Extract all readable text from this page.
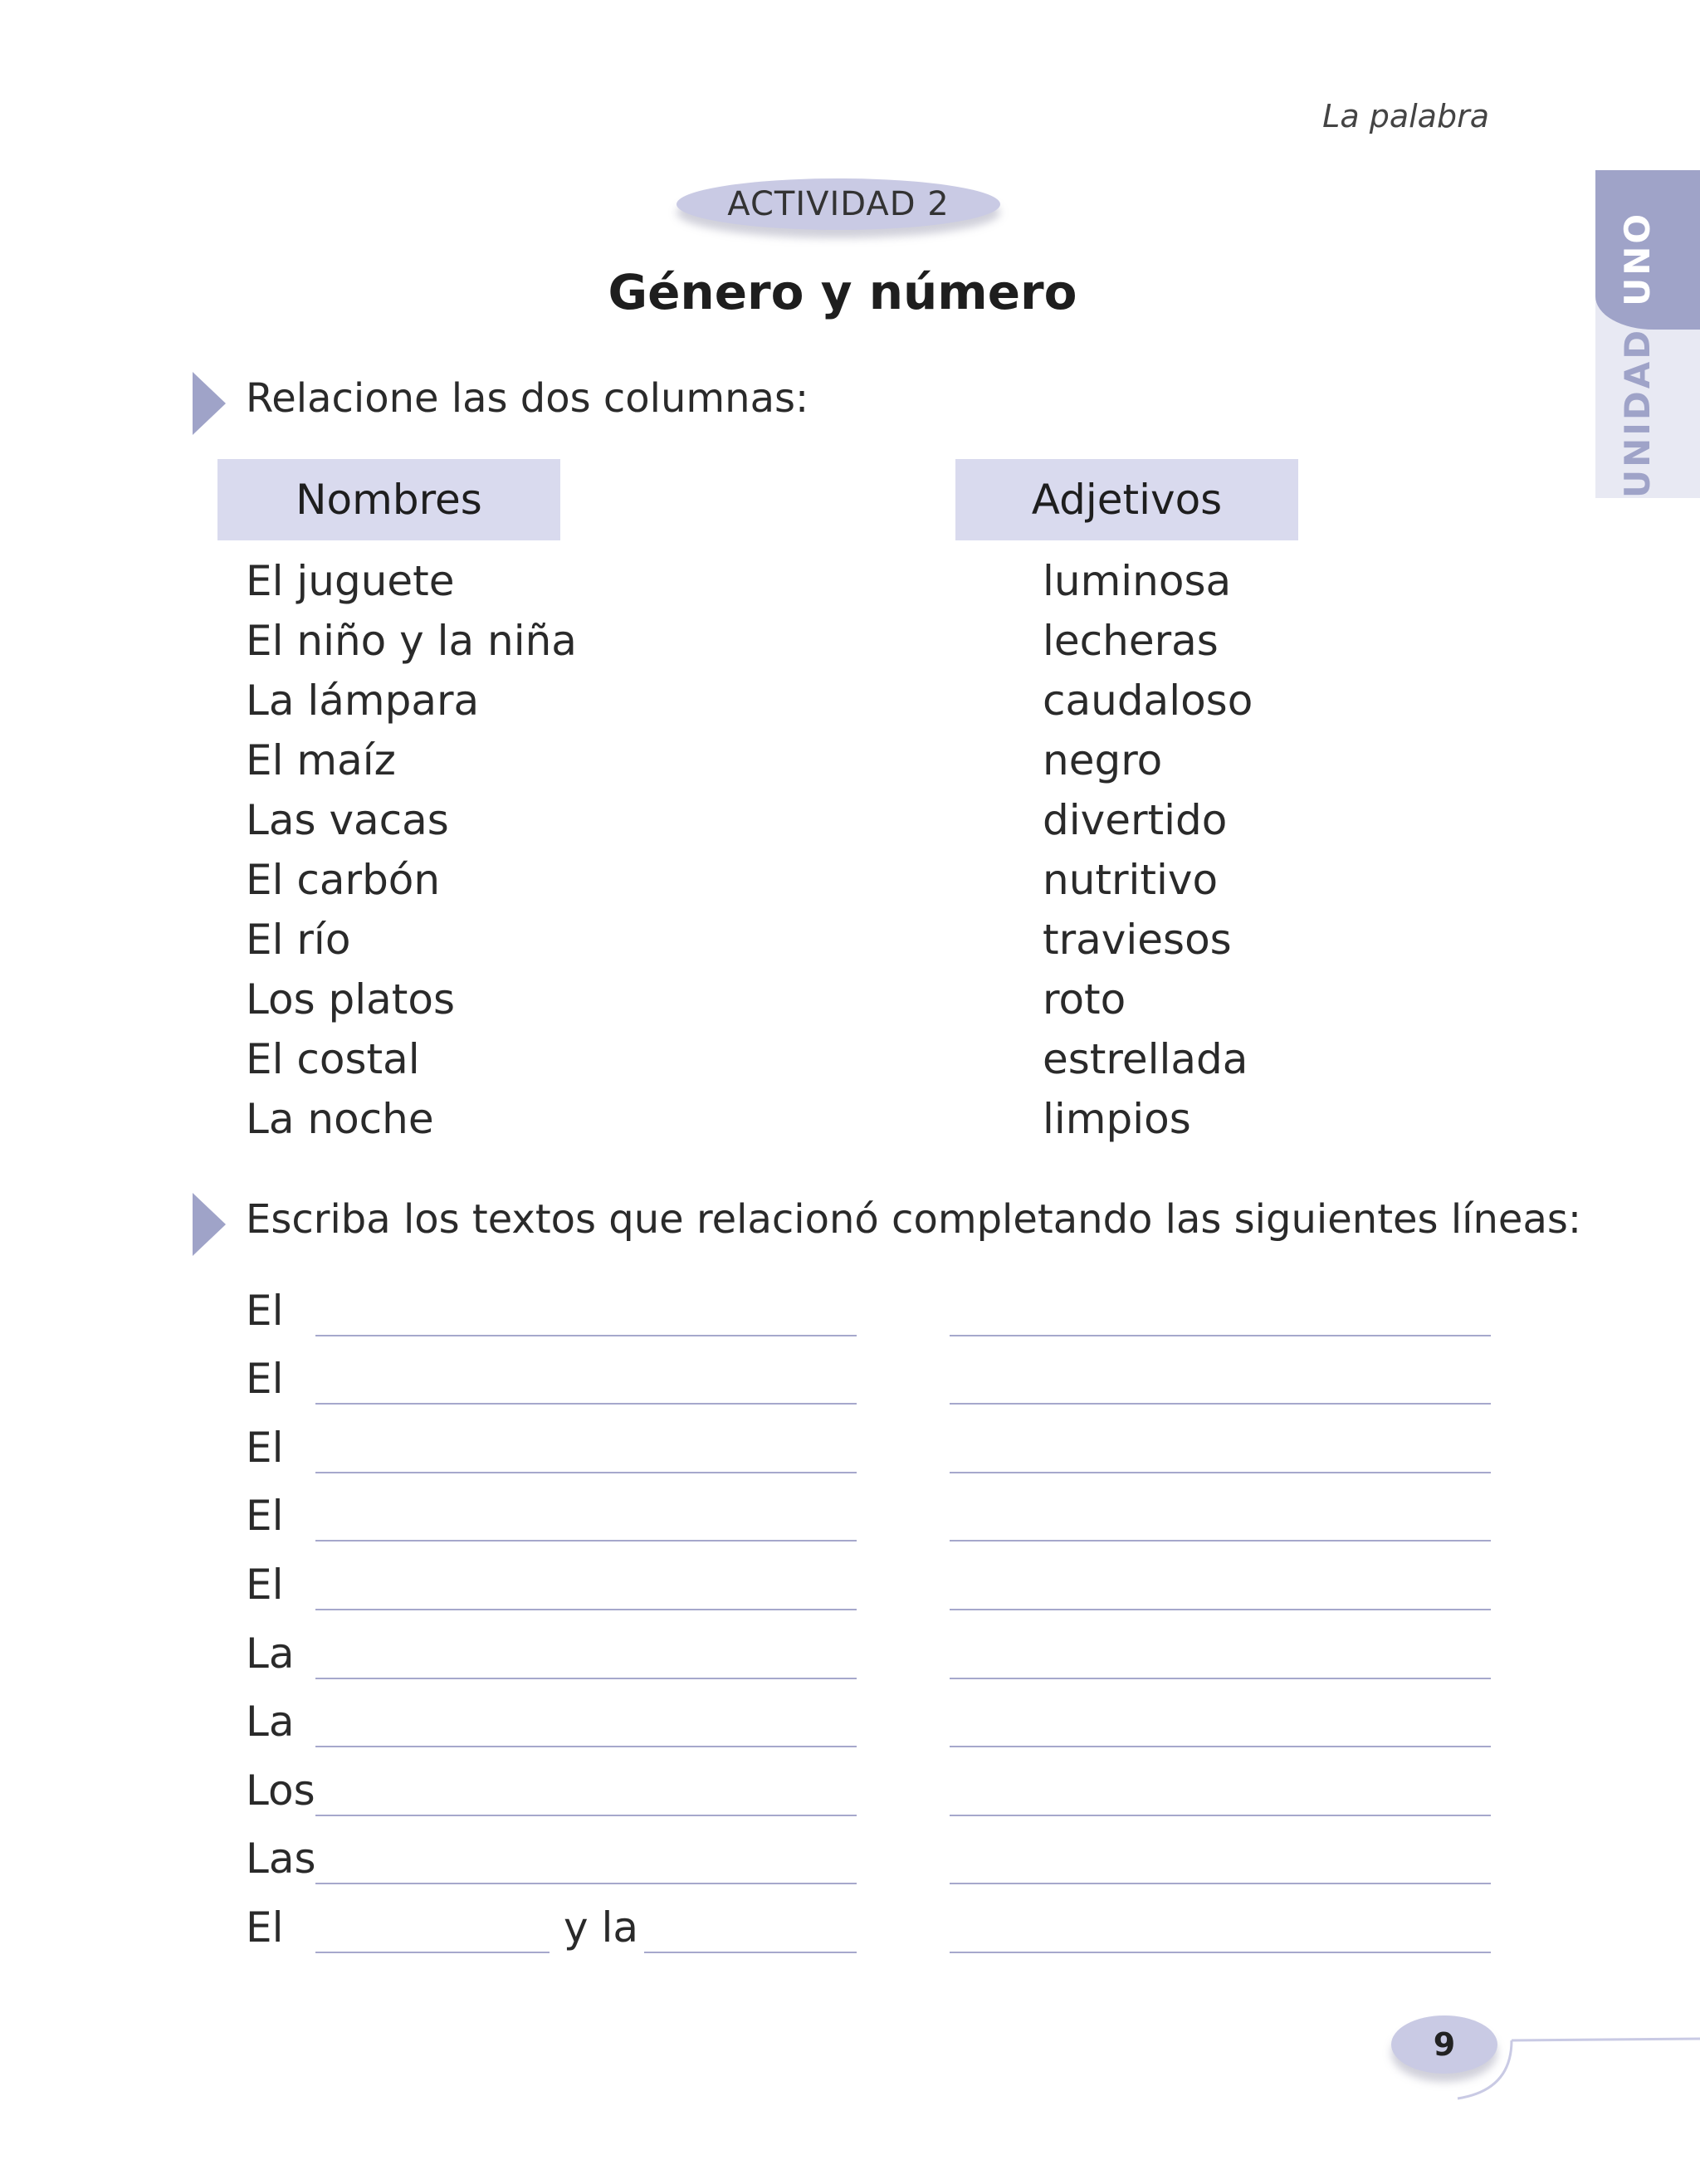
La palabra
UNIDADUNO
ACTIVIDAD 2
Género y número
Relacione las dos columnas:
Nombres	Adjetivos
El juguete
El niño y la niña
La lámpara
El maíz
Las vacas
El carbón
El río
Los platos
El costal
La noche
luminosa
lecheras
caudaloso
negro
divertido
nutritivo
traviesos
roto
estrellada
limpios
Escriba los textos que relacionó completando las siguientes líneas:
El
El
El
El
El
La
La
Los
Las
El	y la
9
